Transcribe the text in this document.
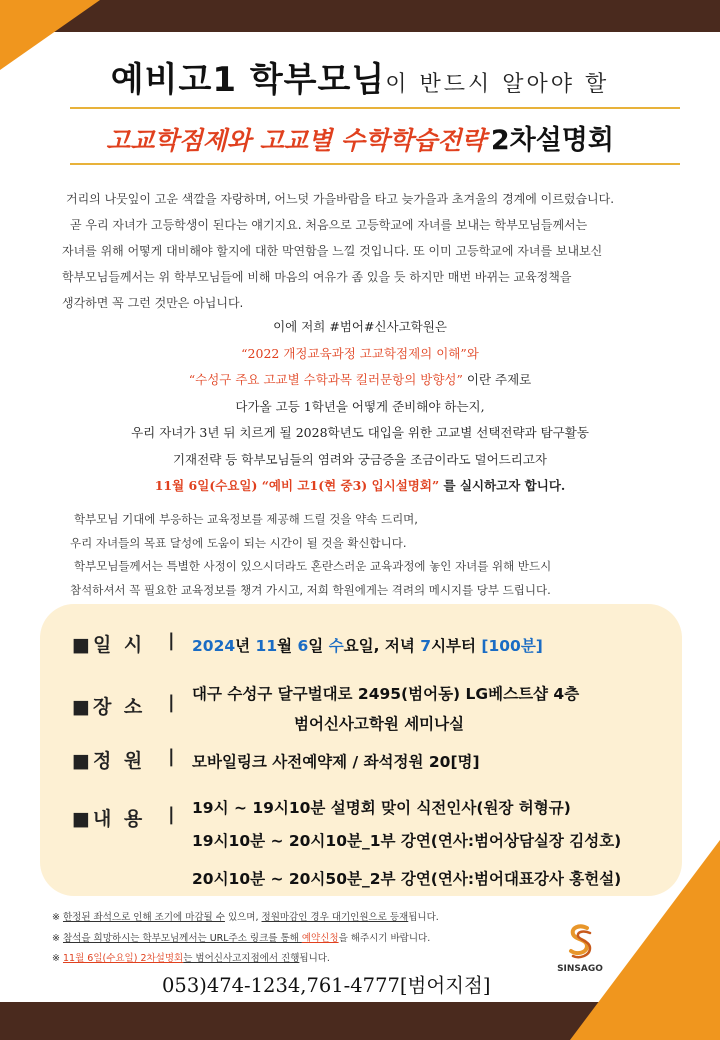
예비고1 학부모님이 반드시 알아야 할
고교학점제와 고교별 수학학습전략 2차설명회

거리의 나뭇잎이 고운 색깔을 자랑하며, 어느덧 가을바람을 타고 늦가을과 초겨울의 경계에 이르렀습니다.

곧 우리 자녀가 고등학생이 된다는 얘기지요. 처음으로 고등학교에 자녀를 보내는 학부모님들께서는

자녀를 위해 어떻게 대비해야 할지에 대한 막연함을 느낄 것입니다. 또 이미 고등학교에 자녀를 보내보신

학부모님들께서는 위 학부모님들에 비해 마음의 여유가 좀 있을 듯 하지만 매번 바뀌는 교육정책을

생각하면 꼭 그런 것만은 아닙니다.

이에 저희 #범어#신사고학원은

“2022 개정교육과정 고교학점제의 이해”와

“수성구 주요 고교별 수학과목 킬러문항의 방향성” 이란 주제로

다가올 고등 1학년을 어떻게 준비해야 하는지,

우리 자녀가 3년 뒤 치르게 될 2028학년도 대입을 위한 고교별 선택전략과 탐구활동

기재전략 등 학부모님들의 염려와 궁금증을 조금이라도 덜어드리고자

11월 6일(수요일) “예비 고1(현 중3) 입시설명회” 를 실시하고자 합니다.

학부모님 기대에 부응하는 교육정보를 제공해 드릴 것을 약속 드리며,

우리 자녀들의 목표 달성에 도움이 되는 시간이 될 것을 확신합니다.

학부모님들께서는 특별한 사정이 있으시더라도 혼란스러운 교육과정에 놓인 자녀를 위해 반드시

참석하셔서 꼭 필요한 교육정보를 챙겨 가시고, 저희 학원에게는 격려의 메시지를 당부 드립니다.

■일 시 | 2024년 11월 6일 수요일, 저녁 7시부터 [100분]
■장 소 | 대구 수성구 달구벌대로 2495(범어동) LG베스트샵 4층
범어신사고학원 세미나실
■정 원 | 모바일링크 사전예약제 / 좌석정원 20[명]
■내 용 | 19시 ~ 19시10분 설명회 맞이 식전인사(원장 허형규)
19시10분 ~ 20시10분_1부 강연(연사:범어상담실장 김성호)
20시10분 ~ 20시50분_2부 강연(연사:범어대표강사 홍헌설)

※ 한정된 좌석으로 인해 조기에 마감될 수 있으며, 정원마감인 경우 대기인원으로 등재됩니다.

※ 참석을 희망하시는 학부모님께서는 URL주소 링크를 통해 예약신청을 해주시기 바랍니다.

※ 11월 6일(수요일) 2차설명회는 범어신사고지점에서 진행됩니다.

053)474-1234,761-4777[범어지점]
SINSAGO
